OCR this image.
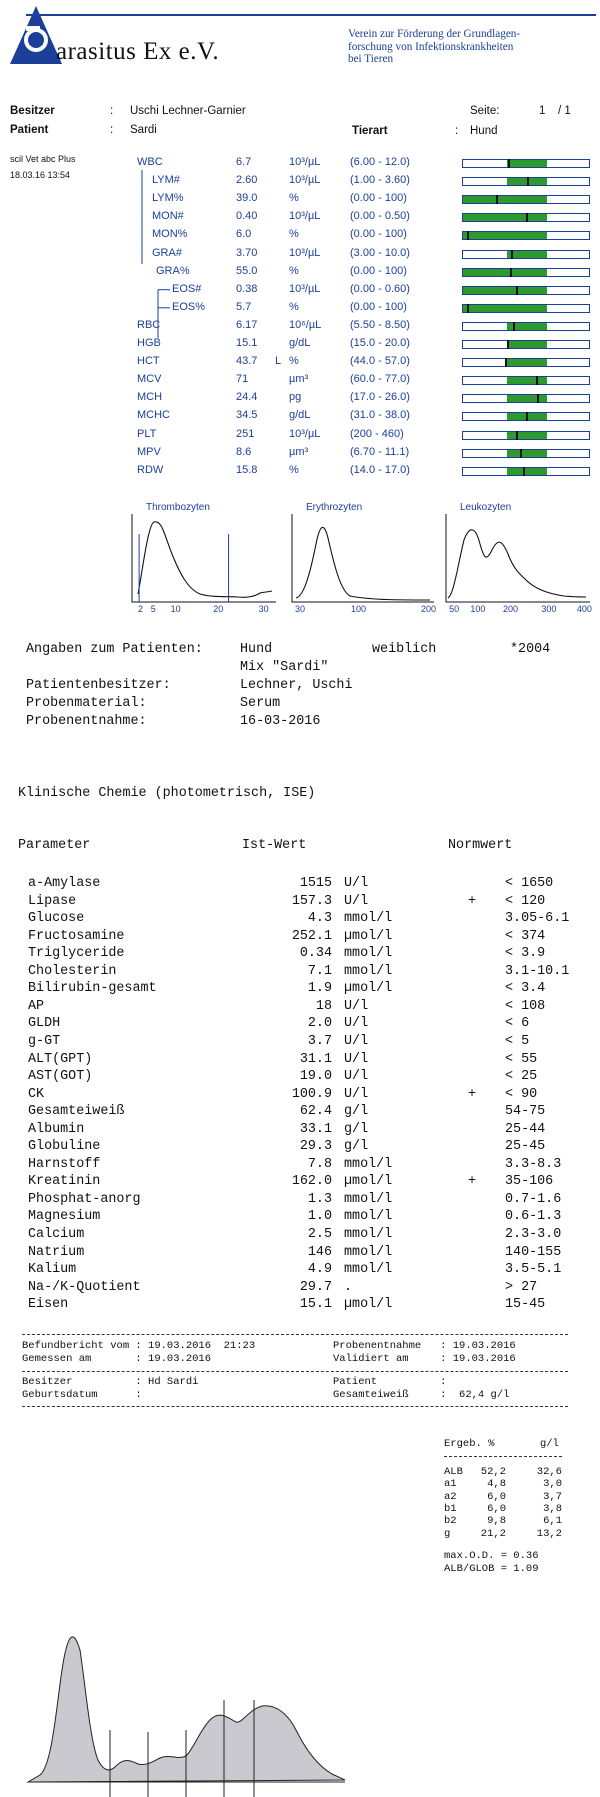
arasitus Ex e.V.
Verein zur Förderung der Grundlagen-
forschung von Infektionskrankheiten
bei Tieren
Besitzer	: Uschi Lechner-Garnier	Seite:	1 / 1
Patient	: Sardi	Tierart	: Hund
scil Vet abc Plus
18.03.16 13:54
WBC	6.7	10³/µL	(6.00 - 12.0)
LYM#	2.60	10³/µL	(1.00 - 3.60)
LYM%	39.0	%	(0.00 - 100)
MON#	0.40	10³/µL	(0.00 - 0.50)
MON%	6.0	%	(0.00 - 100)
GRA#	3.70	10³/µL	(3.00 - 10.0)
GRA%	55.0	%	(0.00 - 100)
EOS#	0.38	10³/µL	(0.00 - 0.60)
EOS%	5.7	%	(0.00 - 100)
RBC	6.17	10⁶/µL	(5.50 - 8.50)
HGB	15.1	g/dL	(15.0 - 20.0)
HCT	43.7 L %	(44.0 - 57.0)
MCV	71	µm³	(60.0 - 77.0)
MCH	24.4	pg	(17.0 - 26.0)
MCHC	34.5	g/dL	(31.0 - 38.0)
PLT	251	10³/µL	(200 - 460)
MPV	8.6	µm³	(6.70 - 11.1)
RDW	15.8	%	(14.0 - 17.0)
Thrombozyten
2 5 10	20	30
Erythrozyten
30	100	200
Leukozyten
50 100 200	300 400
Angaben zum Patienten:	Hund	weiblich	*2004
Mix "Sardi"
Patientenbesitzer:	Lechner, Uschi
Probenmaterial:	Serum
Probenentnahme:	16-03-2016
Klinische Chemie (photometrisch, ISE)
Parameter	Ist-Wert	Normwert
a-Amylase	1515 U/l	< 1650
Lipase	157.3 U/l	+ < 120
Glucose	4.3 mmol/l	3.05-6.1
Fructosamine	252.1 µmol/l	< 374
Triglyceride	0.34 mmol/l	< 3.9
Cholesterin	7.1 mmol/l	3.1-10.1
Bilirubin-gesamt	1.9 µmol/l	< 3.4
AP	18 U/l	< 108
GLDH	2.0 U/l	< 6
g-GT	3.7 U/l	< 5
ALT(GPT)	31.1 U/l	< 55
AST(GOT)	19.0 U/l	< 25
CK	100.9 U/l	+ < 90
Gesamteiweiß	62.4 g/l	54-75
Albumin	33.1 g/l	25-44
Globuline	29.3 g/l	25-45
Harnstoff	7.8 mmol/l	3.3-8.3
Kreatinin	162.0 µmol/l	+ 35-106
Phosphat-anorg	1.3 mmol/l	0.7-1.6
Magnesium	1.0 mmol/l	0.6-1.3
Calcium	2.5 mmol/l	2.3-3.0
Natrium	146 mmol/l	140-155
Kalium	4.9 mmol/l	3.5-5.1
Na-/K-Quotient	29.7 .	> 27
Eisen	15.1 µmol/l	15-45
Befundbericht vom : 19.03.2016  21:23	Probenentnahme   : 19.03.2016
Gemessen am       : 19.03.2016	Validiert am     : 19.03.2016
Besitzer          : Hd Sardi	Patient          :
Geburtsdatum      :	Gesamteiweiß     :  62,4 g/l
Ergeb. %	g/l
ALB	52,2	32,6
a1	4,8	3,0
a2	6,0	3,7
b1	6,0	3,8
b2	9,8	6,1
g	21,2	13,2
max.O.D. = 0.36
ALB/GLOB = 1.09
